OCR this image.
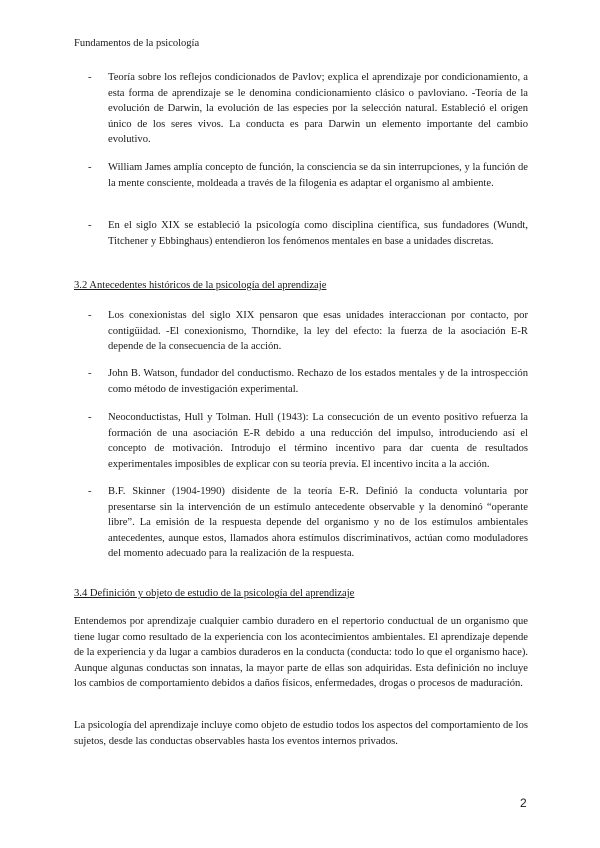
Fundamentos de la psicología
- Teoría sobre los reflejos condicionados de Pavlov; explica el aprendizaje por condicionamiento, a esta forma de aprendizaje se le denomina condicionamiento clásico o pavloviano. -Teoría de la evolución de Darwin, la evolución de las especies por la selección natural. Estableció el origen único de los seres vivos. La conducta es para Darwin un elemento importante del cambio evolutivo.
- William James amplía concepto de función, la consciencia se da sin interrupciones, y la función de la mente consciente, moldeada a través de la filogenia es adaptar el organismo al ambiente.
- En el siglo XIX se estableció la psicología como disciplina científica, sus fundadores (Wundt, Titchener y Ebbinghaus) entendieron los fenómenos mentales en base a unidades discretas.
3.2 Antecedentes históricos de la psicología del aprendizaje
- Los conexionistas del siglo XIX pensaron que esas unidades interaccionan por contacto, por contigüidad. -El conexionismo, Thorndike, la ley del efecto: la fuerza de la asociación E-R depende de la consecuencia de la acción.
- John B. Watson, fundador del conductismo. Rechazo de los estados mentales y de la introspección como método de investigación experimental.
- Neoconductistas, Hull y Tolman. Hull (1943): La consecución de un evento positivo refuerza la formación de una asociación E-R debido a una reducción del impulso, introduciendo así el concepto de motivación. Introdujo el término incentivo para dar cuenta de resultados experimentales imposibles de explicar con su teoría previa. El incentivo incita a la acción.
- B.F. Skinner (1904-1990) disidente de la teoría E-R. Definió la conducta voluntaria por presentarse sin la intervención de un estímulo antecedente observable y la denominó “operante libre”. La emisión de la respuesta depende del organismo y no de los estímulos ambientales antecedentes, aunque estos, llamados ahora estímulos discriminativos, actúan como moduladores del momento adecuado para la realización de la respuesta.
3.4 Definición y objeto de estudio de la psicología del aprendizaje
Entendemos por aprendizaje cualquier cambio duradero en el repertorio conductual de un organismo que tiene lugar como resultado de la experiencia con los acontecimientos ambientales. El aprendizaje depende de la experiencia y da lugar a cambios duraderos en la conducta (conducta: todo lo que el organismo hace). Aunque algunas conductas son innatas, la mayor parte de ellas son adquiridas. Esta definición no incluye los cambios de comportamiento debidos a daños físicos, enfermedades, drogas o procesos de maduración.
La psicología del aprendizaje incluye como objeto de estudio todos los aspectos del comportamiento de los sujetos, desde las conductas observables hasta los eventos internos privados.
2
